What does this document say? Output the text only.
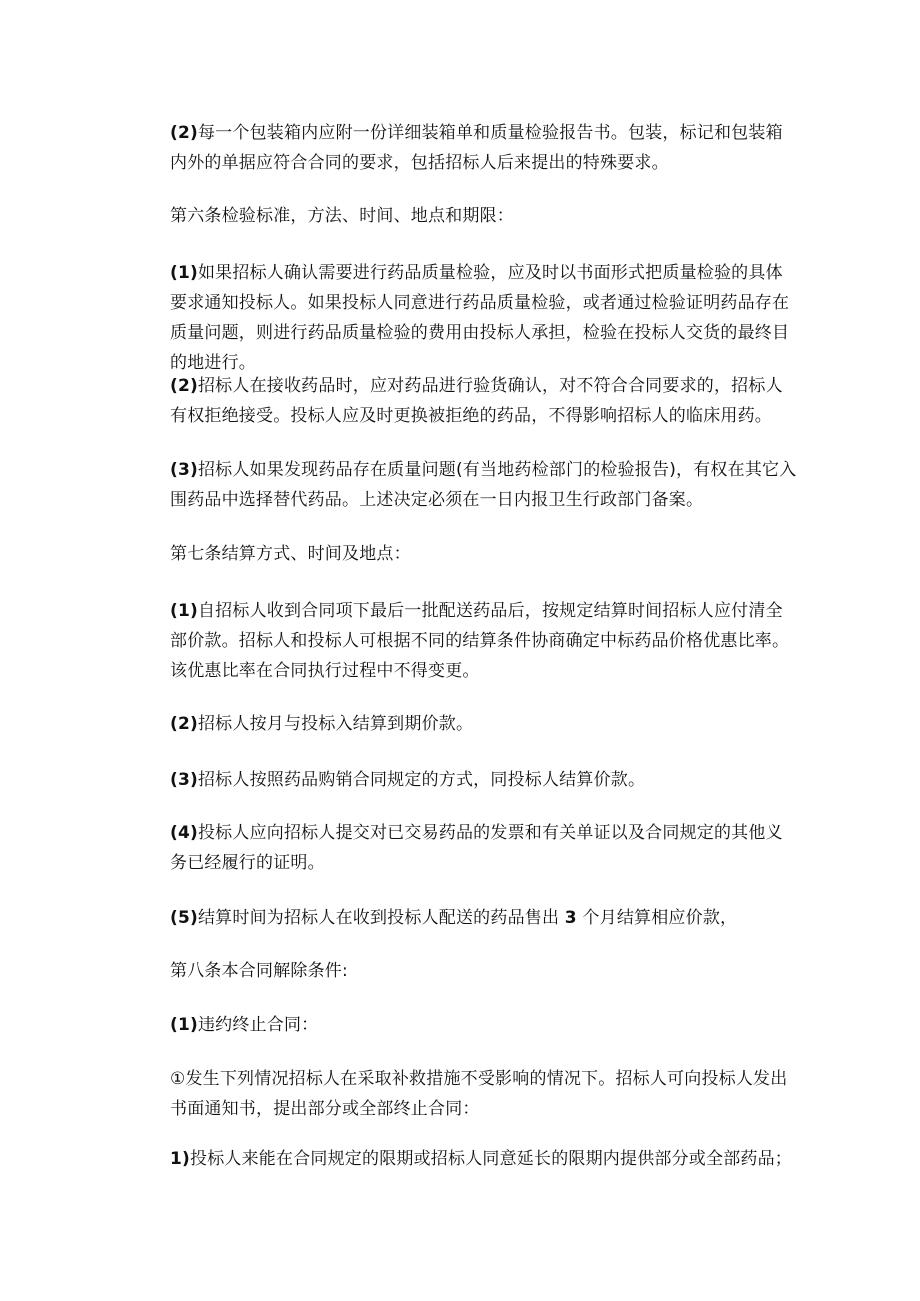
(2)每一个包装箱内应附一份详细装箱单和质量检验报告书。包装，标记和包装箱内外的单据应符合合同的要求，包括招标人后来提出的特殊要求。

第六条检验标准，方法、时间、地点和期限：

(1)如果招标人确认需要进行药品质量检验，应及时以书面形式把质量检验的具体要求通知投标人。如果投标人同意进行药品质量检验，或者通过检验证明药品存在质量问题，则进行药品质量检验的费用由投标人承担，检验在投标人交货的最终目的地进行。

(2)招标人在接收药品时，应对药品进行验货确认，对不符合合同要求的，招标人有权拒绝接受。投标人应及时更换被拒绝的药品，不得影响招标人的临床用药。

(3)招标人如果发现药品存在质量问题(有当地药检部门的检验报告)，有权在其它入围药品中选择替代药品。上述决定必须在一日内报卫生行政部门备案。

第七条结算方式、时间及地点：

(1)自招标人收到合同项下最后一批配送药品后，按规定结算时间招标人应付清全部价款。招标人和投标人可根据不同的结算条件协商确定中标药品价格优惠比率。该优惠比率在合同执行过程中不得变更。

(2)招标人按月与投标入结算到期价款。

(3)招标人按照药品购销合同规定的方式，同投标人结算价款。

(4)投标人应向招标人提交对已交易药品的发票和有关单证以及合同规定的其他义务已经履行的证明。

(5)结算时间为招标人在收到投标人配送的药品售出 3 个月结算相应价款，

第八条本合同解除条件:

(1)违约终止合同：

①发生下列情况招标人在采取补救措施不受影响的情况下。招标人可向投标人发出书面通知书，提出部分或全部终止合同：

1)投标人来能在合同规定的限期或招标人同意延长的限期内提供部分或全部药品；
